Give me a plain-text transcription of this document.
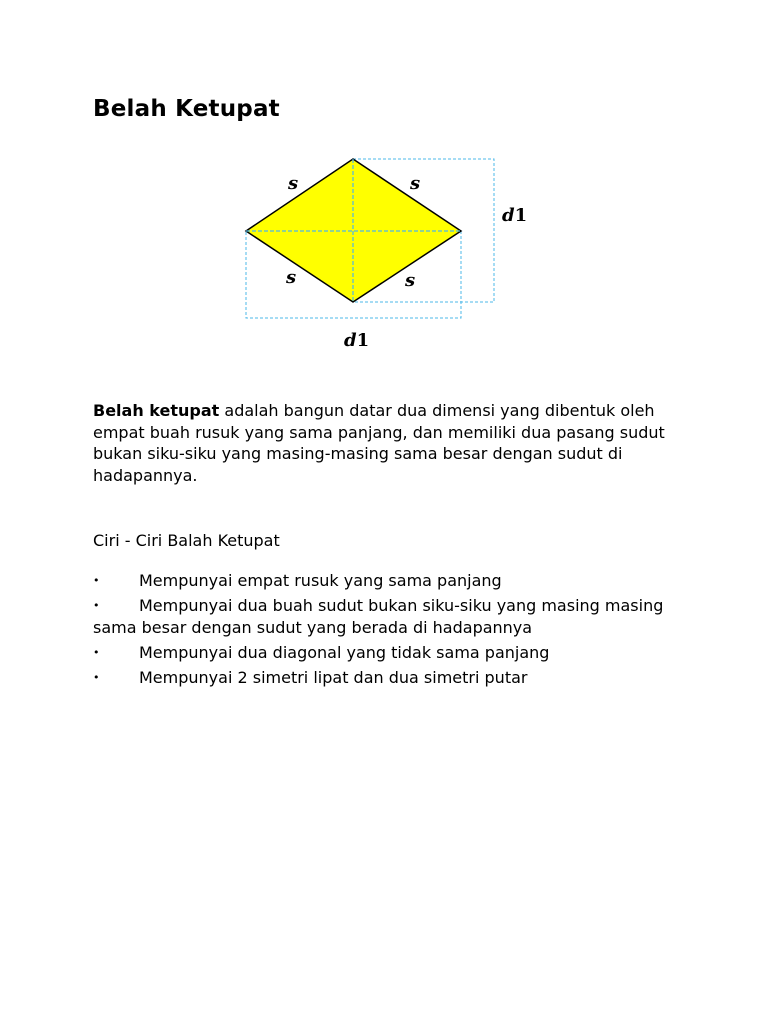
Belah Ketupat
s	s
s	s
d1
d1

Belah ketupat adalah bangun datar dua dimensi yang dibentuk oleh empat buah rusuk yang sama panjang, dan memiliki dua pasang sudut bukan siku-siku yang masing-masing sama besar dengan sudut di hadapannya.

Ciri - Ciri Balah Ketupat
• Mempunyai empat rusuk yang sama panjang
• Mempunyai dua buah sudut bukan siku-siku yang masing masing sama besar dengan sudut yang berada di hadapannya
• Mempunyai dua diagonal yang tidak sama panjang
• Mempunyai 2 simetri lipat dan dua simetri putar
